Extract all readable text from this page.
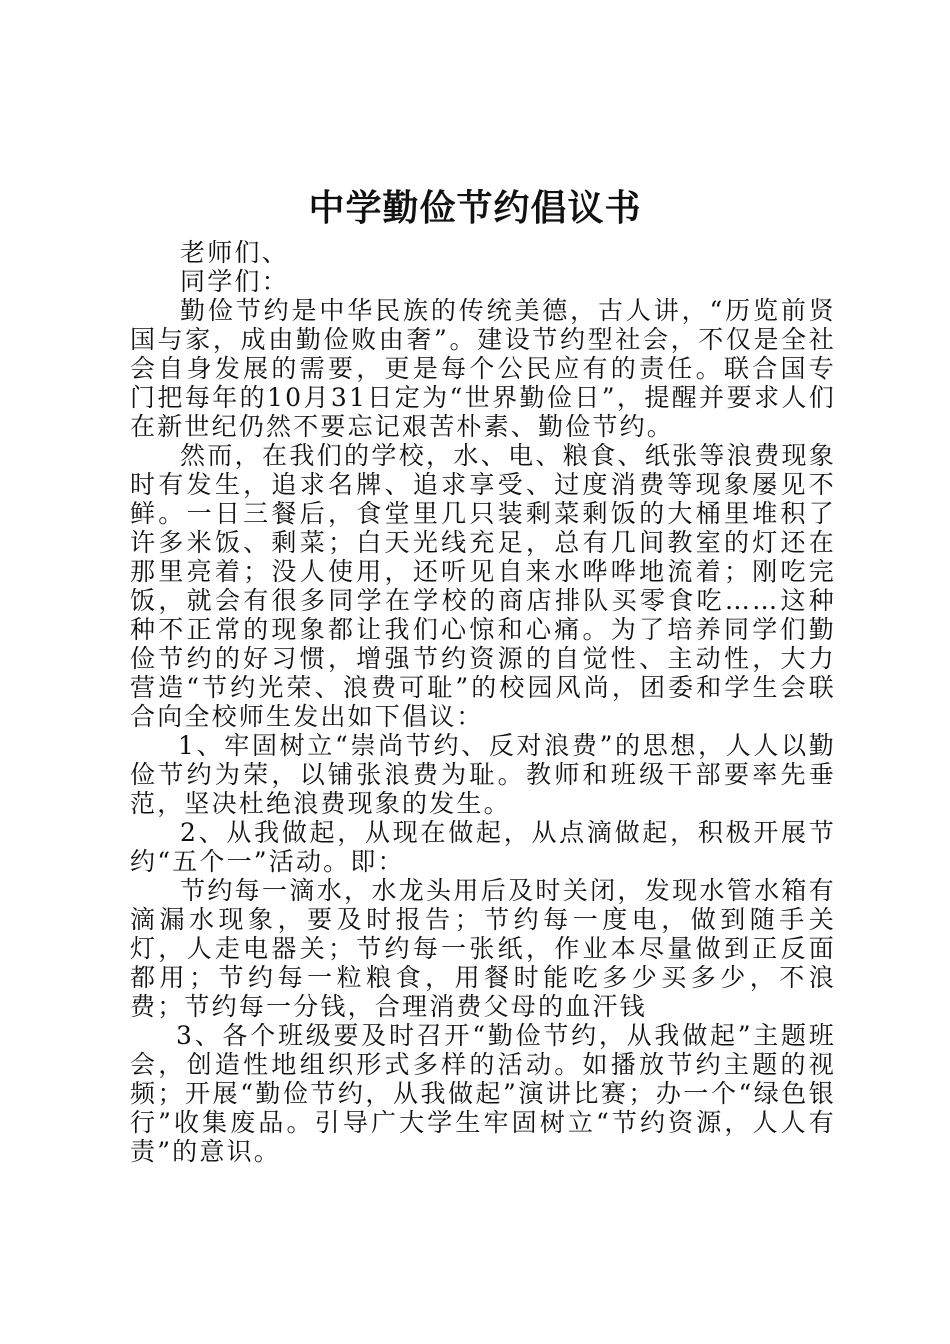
中学勤俭节约倡议书

老师们、

同学们：

勤俭节约是中华民族的传统美德，古人讲，“历览前贤国与家，成由勤俭败由奢”。建设节约型社会，不仅是全社会自身发展的需要，更是每个公民应有的责任。联合国专门把每年的10月31日定为“世界勤俭日”，提醒并要求人们在新世纪仍然不要忘记艰苦朴素、勤俭节约。

然而，在我们的学校，水、电、粮食、纸张等浪费现象时有发生，追求名牌、追求享受、过度消费等现象屡见不鲜。一日三餐后，食堂里几只装剩菜剩饭的大桶里堆积了许多米饭、剩菜；白天光线充足，总有几间教室的灯还在那里亮着；没人使用，还听见自来水哗哗地流着；刚吃完饭，就会有很多同学在学校的商店排队买零食吃……这种种不正常的现象都让我们心惊和心痛。为了培养同学们勤俭节约的好习惯，增强节约资源的自觉性、主动性，大力营造“节约光荣、浪费可耻”的校园风尚，团委和学生会联合向全校师生发出如下倡议：

1、牢固树立“崇尚节约、反对浪费”的思想，人人以勤俭节约为荣，以铺张浪费为耻。教师和班级干部要率先垂范，坚决杜绝浪费现象的发生。

2、从我做起，从现在做起，从点滴做起，积极开展节约“五个一”活动。即：

节约每一滴水，水龙头用后及时关闭，发现水管水箱有滴漏水现象，要及时报告；节约每一度电，做到随手关灯，人走电器关；节约每一张纸，作业本尽量做到正反面都用；节约每一粒粮食，用餐时能吃多少买多少，不浪费；节约每一分钱，合理消费父母的血汗钱

3、各个班级要及时召开“勤俭节约，从我做起”主题班会，创造性地组织形式多样的活动。如播放节约主题的视频；开展“勤俭节约，从我做起”演讲比赛；办一个“绿色银行”收集废品。引导广大学生牢固树立“节约资源，人人有责”的意识。
